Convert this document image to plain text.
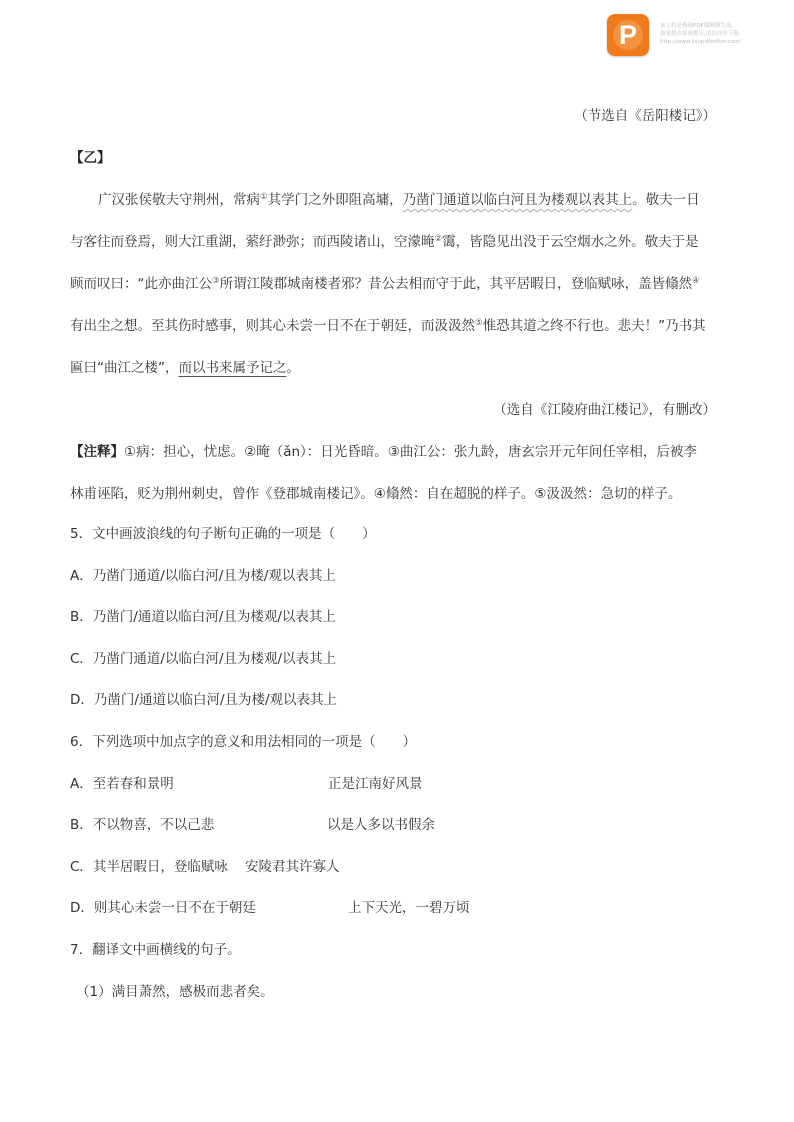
P	该文档是极速PDF编辑器生成,
如果想去掉该提示,请访问并下载:
http://www.jisupdfeditor.com/
（节选自《岳阳楼记》）
【乙】
广汉张侯敬夫守荆州，常病①其学门之外即阻高墉，乃凿门通道以临白河且为楼观以表其上。敬夫一日
与客往而登焉，则大江重湖，萦纡渺弥；而西陵诸山，空濛晻②霭，皆隐见出没于云空烟水之外。敬夫于是
顾而叹曰：“此亦曲江公③所谓江陵郡城南楼者邪？昔公去相而守于此，其平居暇日，登临赋咏，盖皆翛然④
有出尘之想。至其伤时感事，则其心未尝一日不在于朝廷，而汲汲然⑤惟恐其道之终不行也。悲夫！”乃书其
匾曰“曲江之楼”，而以书来属予记之。
（选自《江陵府曲江楼记》，有删改）
【注释】①病：担心，忧虑。②晻（ǎn）：日光昏暗。③曲江公：张九龄，唐玄宗开元年间任宰相，后被李
林甫诬陷，贬为荆州刺史，曾作《登郡城南楼记》。④翛然：自在超脱的样子。⑤汲汲然：急切的样子。
5．文中画波浪线的句子断句正确的一项是（　　）
A．乃凿门通道/以临白河/且为楼/观以表其上
B．乃凿门/通道以临白河/且为楼观/以表其上
C．乃凿门通道/以临白河/且为楼观/以表其上
D．乃凿门/通道以临白河/且为楼/观以表其上
6．下列选项中加点字的意义和用法相同的一项是（　　）
A．至若春和景明	正是江南好风景
B．不以物喜，不以己悲	以是人多以书假余
C．其半居暇日，登临赋咏 安陵君其许寡人
D．则其心未尝一日不在于朝廷	上下天光，一碧万顷
7．翻译文中画横线的句子。
（1）满目萧然，感极而悲者矣。
